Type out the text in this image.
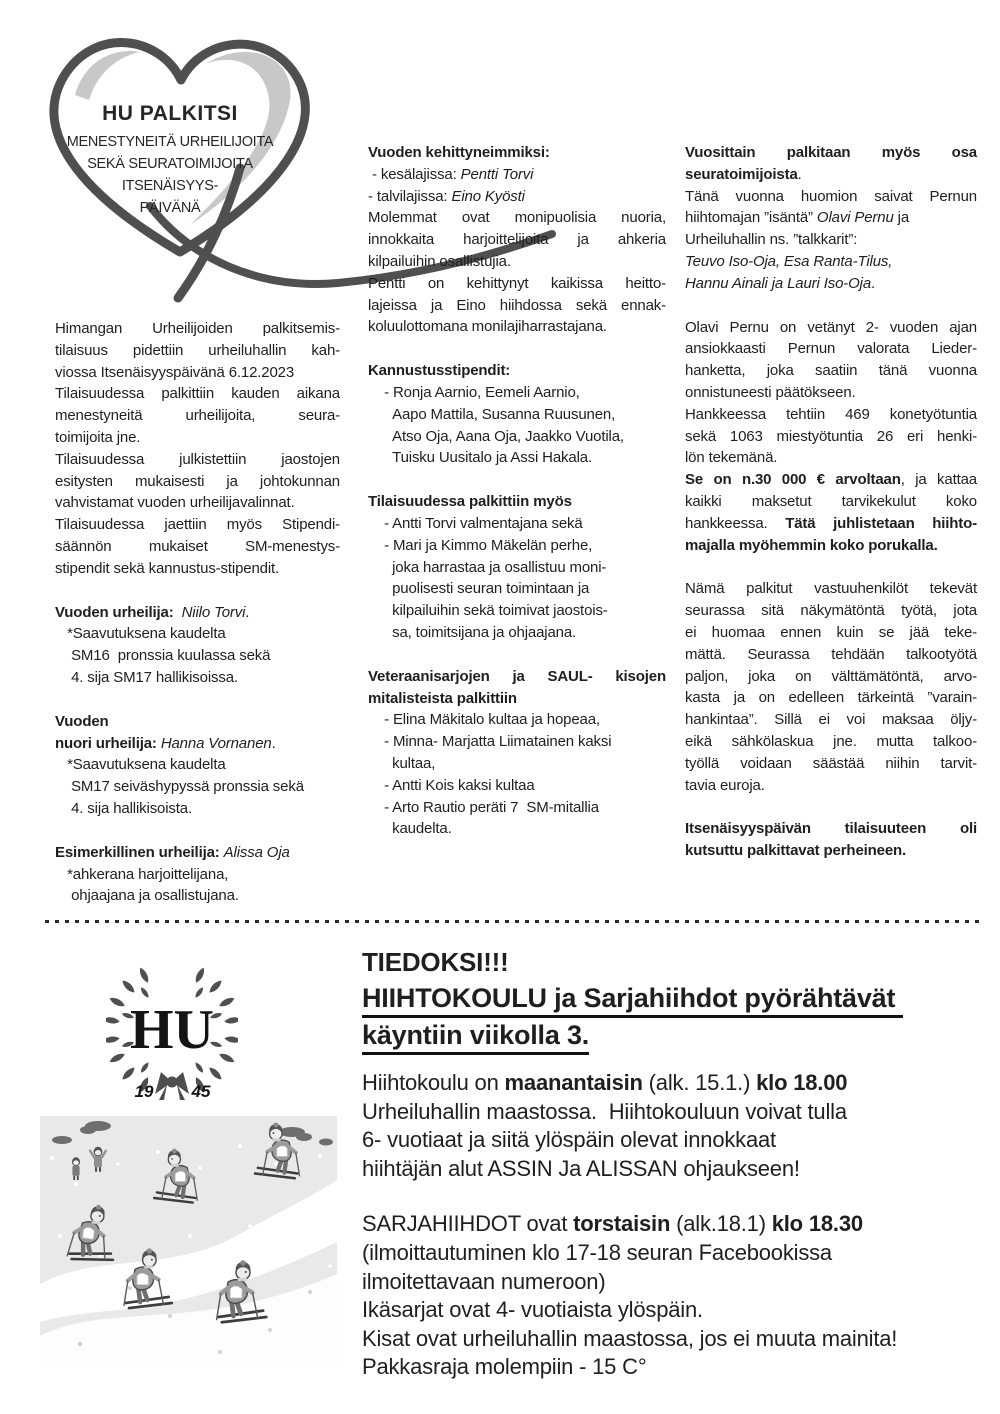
HU PALKITSI
MENESTYNEITÄ URHEILIJOITA
SEKÄ SEURATOIMIJOITA
ITSENÄISYYS-
PÄIVÄNÄ
Himangan Urheilijoiden palkitsemis-
tilaisuus pidettiin urheiluhallin kah-
viossa Itsenäisyyspäivänä 6.12.2023
Tilaisuudessa palkittiin kauden aikana
menestyneitä urheilijoita, seura-
toimijoita jne.
Tilaisuudessa julkistettiin jaostojen
esitysten mukaisesti ja johtokunnan
vahvistamat vuoden urheilijavalinnat.
Tilaisuudessa jaettiin myös Stipendi-
säännön mukaiset SM-menestys-
stipendit sekä kannustus-stipendit.
Vuoden urheilija: Niilo Torvi.
*Saavutuksena kaudelta
SM16  pronssia kuulassa sekä
4. sija SM17 hallikisoissa.
Vuoden
nuori urheilija: Hanna Vornanen.
*Saavutuksena kaudelta
SM17 seiväshypyssä pronssia sekä
4. sija hallikisoista.
Esimerkillinen urheilija: Alissa Oja
*ahkerana harjoittelijana,
ohjaajana ja osallistujana.
Vuoden kehittyneimmiksi:
- kesälajissa: Pentti Torvi
- talvilajissa: Eino Kyösti
Molemmat ovat monipuolisia nuoria,
innokkaita harjoittelijoita ja ahkeria
kilpailuihin osallistujia.
Pentti on kehittynyt kaikissa heitto-
lajeissa ja Eino hiihdossa sekä ennak-
koluulottomana monilajiharrastajana.
Kannustusstipendit:
- Ronja Aarnio, Eemeli Aarnio,
Aapo Mattila, Susanna Ruusunen,
Atso Oja, Aana Oja, Jaakko Vuotila,
Tuisku Uusitalo ja Assi Hakala.
Tilaisuudessa palkittiin myös
- Antti Torvi valmentajana sekä
- Mari ja Kimmo Mäkelän perhe,
joka harrastaa ja osallistuu moni-
puolisesti seuran toimintaan ja
kilpailuihin sekä toimivat jaostois-
sa, toimitsijana ja ohjaajana.
Veteraanisarjojen ja SAUL- kisojen
mitalisteista palkittiin
- Elina Mäkitalo kultaa ja hopeaa,
- Minna- Marjatta Liimatainen kaksi
kultaa,
- Antti Kois kaksi kultaa
- Arto Rautio peräti 7  SM-mitallia
kaudelta.
Vuosittain palkitaan myös osa
seuratoimijoista.
Tänä vuonna huomion saivat Pernun
hiihtomajan ”isäntä” Olavi Pernu ja
Urheiluhallin ns. ”talkkarit”:
Teuvo Iso-Oja, Esa Ranta-Tilus,
Hannu Ainali ja Lauri Iso-Oja.
Olavi Pernu on vetänyt 2- vuoden ajan
ansiokkaasti Pernun valorata Lieder-
hanketta, joka saatiin tänä vuonna
onnistuneesti päätökseen.
Hankkeessa tehtiin 469 konetyötuntia
sekä 1063 miestyötuntia 26 eri henki-
lön tekemänä.
Se on n.30 000 € arvoltaan, ja kattaa
kaikki maksetut tarvikekulut koko
hankkeessa. Tätä juhlistetaan hiihto-
majalla myöhemmin koko porukalla.
Nämä palkitut vastuuhenkilöt tekevät
seurassa sitä näkymätöntä työtä, jota
ei huomaa ennen kuin se jää teke-
mättä. Seurassa tehdään talkootyötä
paljon, joka on välttämätöntä, arvo-
kasta ja on edelleen tärkeintä ”varain-
hankintaa”. Sillä ei voi maksaa öljy-
eikä sähkölaskua jne. mutta talkoo-
työllä voidaan säästää niihin tarvit-
tavia euroja.
Itsenäisyyspäivän tilaisuuteen oli
kutsuttu palkittavat perheineen.
HU
19 45
TIEDOKSI!!!
HIIHTOKOULU ja Sarjahiihdot pyörähtävät
käyntiin viikolla 3.
Hiihtokoulu on maanantaisin (alk. 15.1.) klo 18.00
Urheiluhallin maastossa.  Hiihtokouluun voivat tulla
6- vuotiaat ja siitä ylöspäin olevat innokkaat
hiihtäjän alut ASSIN Ja ALISSAN ohjaukseen!
SARJAHIIHDOT ovat torstaisin (alk.18.1) klo 18.30
(ilmoittautuminen klo 17-18 seuran Facebookissa
ilmoitettavaan numeroon)
Ikäsarjat ovat 4- vuotiaista ylöspäin.
Kisat ovat urheiluhallin maastossa, jos ei muuta mainita!
Pakkasraja molempiin - 15 C°
